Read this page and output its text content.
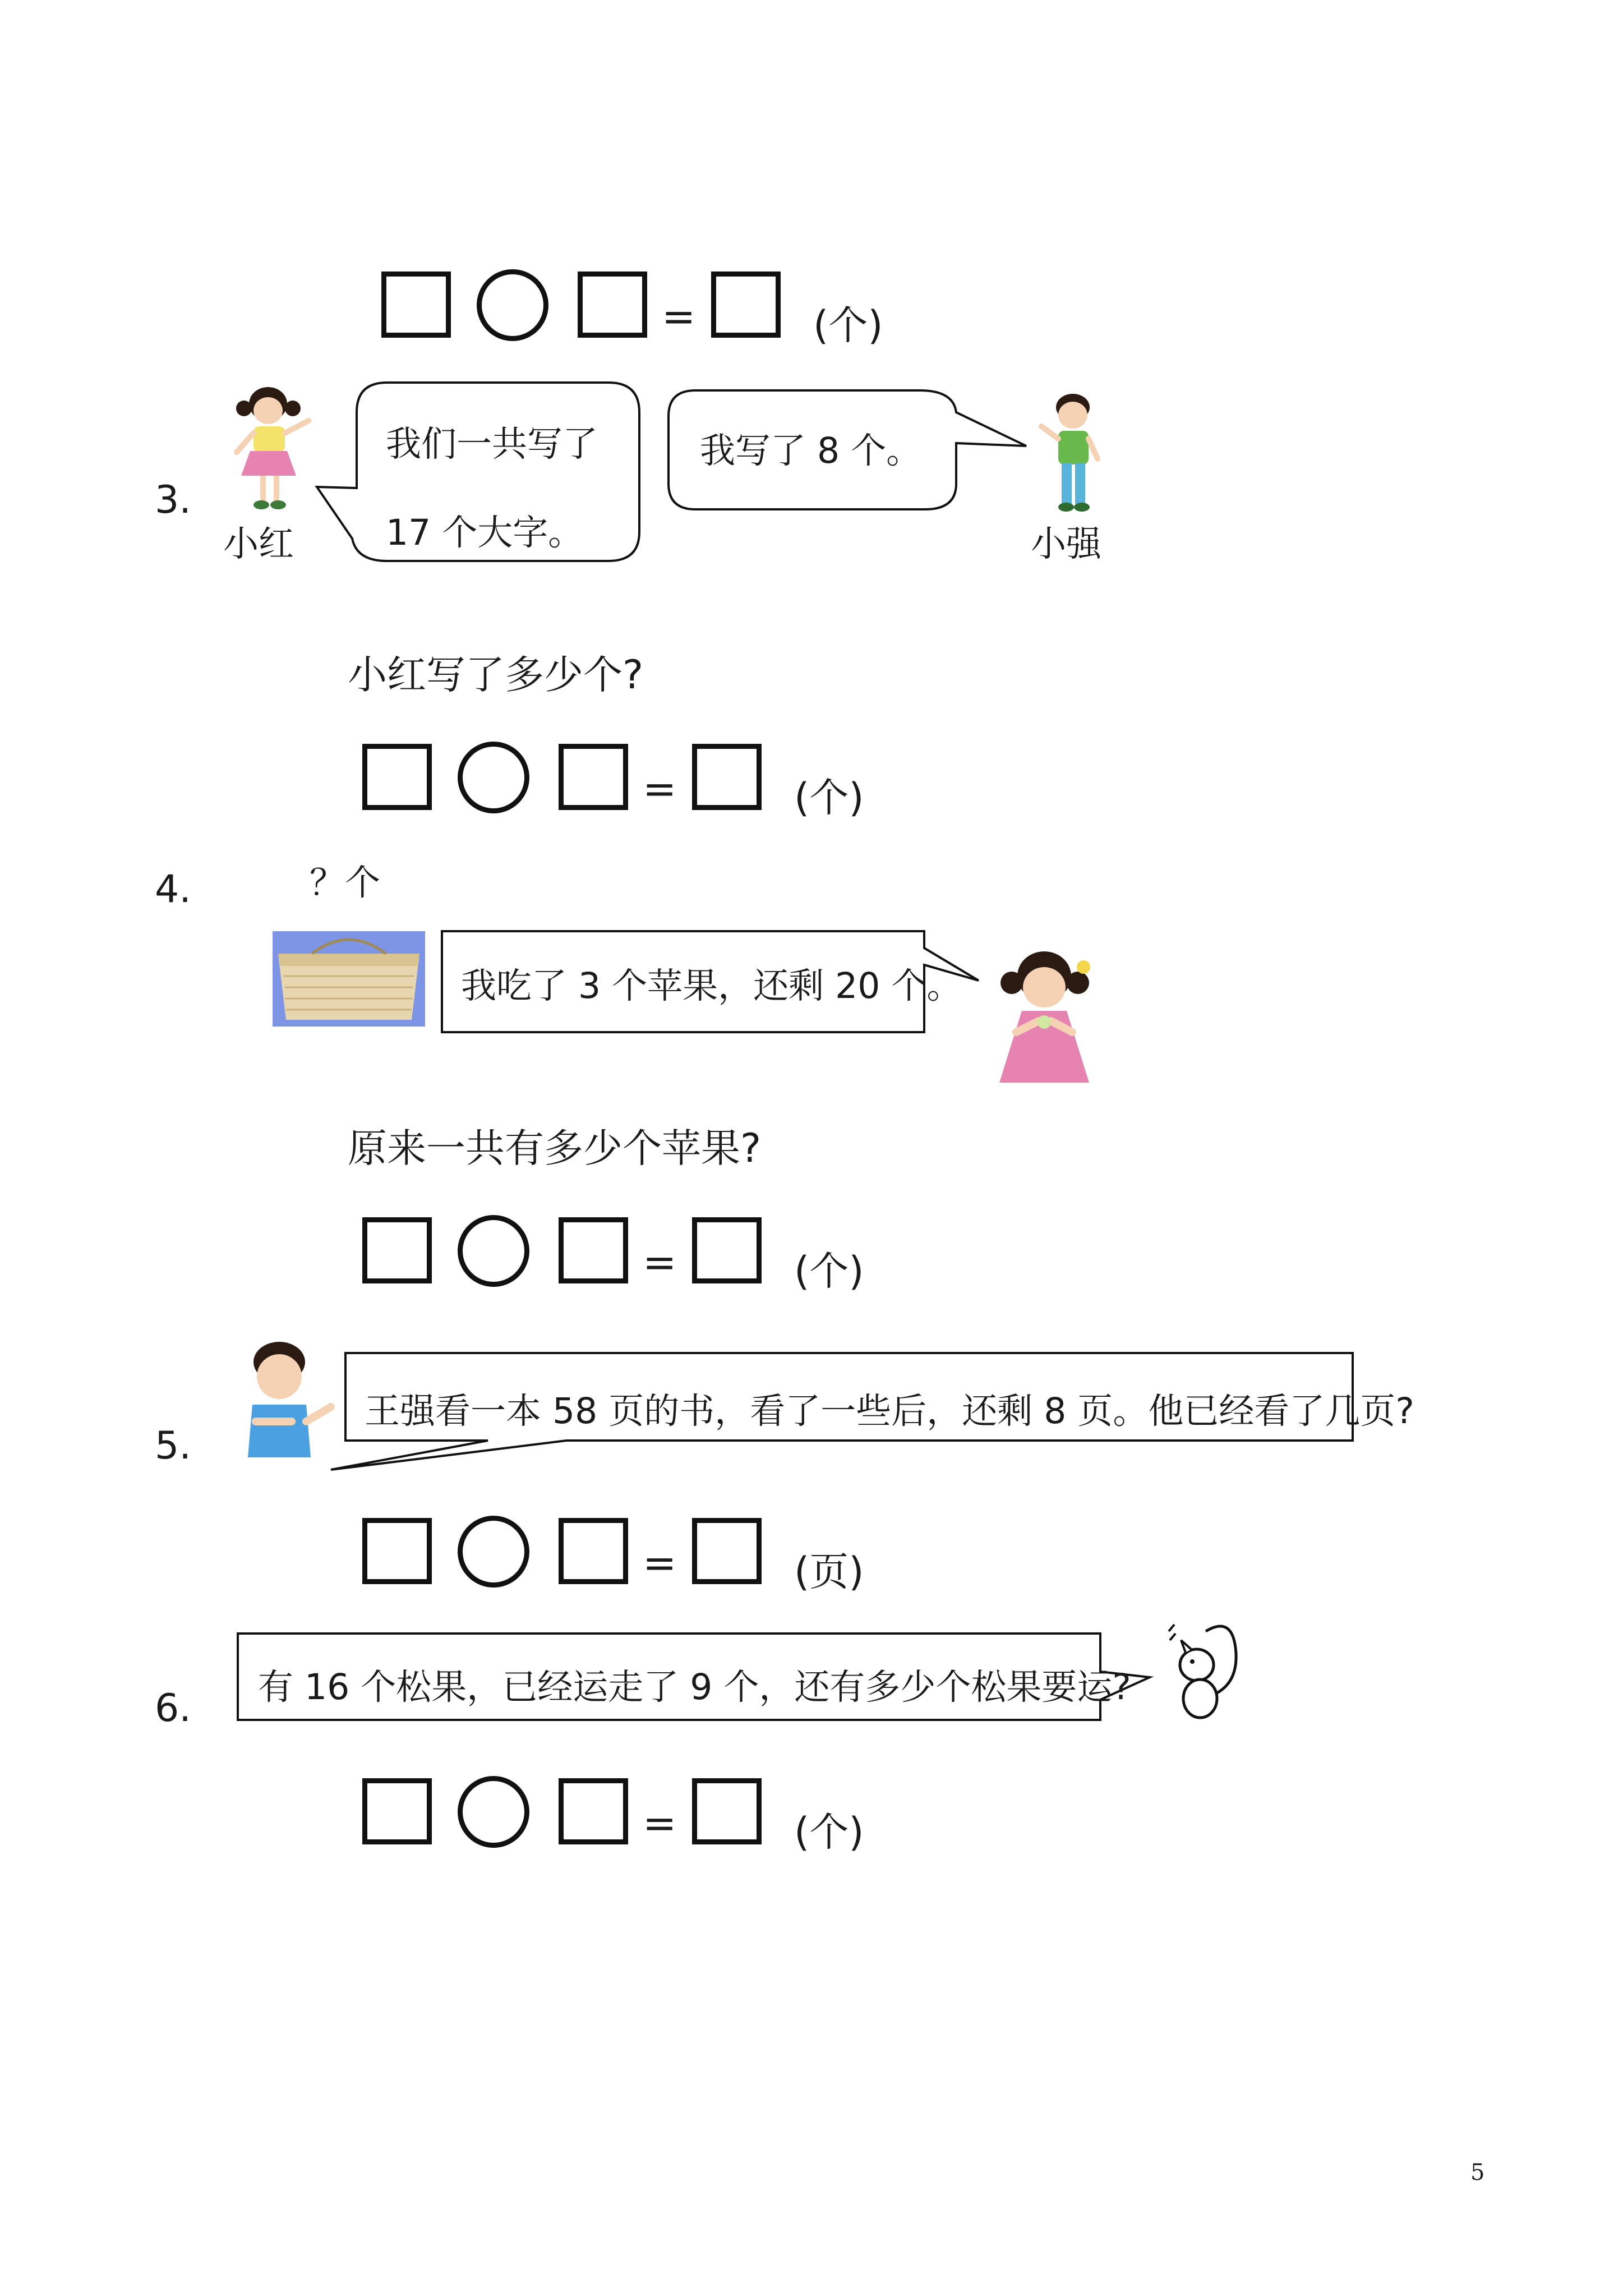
=	(个)
3.
小红
我们一共写了
17 个大字。
我写了 8 个。
小强
小红写了多少个?
=	(个)
4.	？个
我吃了 3 个苹果，还剩 20 个。
原来一共有多少个苹果?
=	(个)
5.
王强看一本 58 页的书，看了一些后，还剩 8 页。他已经看了几页?
=	(页)
6. 有 16 个松果，已经运走了 9 个，还有多少个松果要运?
=	(个)
5
